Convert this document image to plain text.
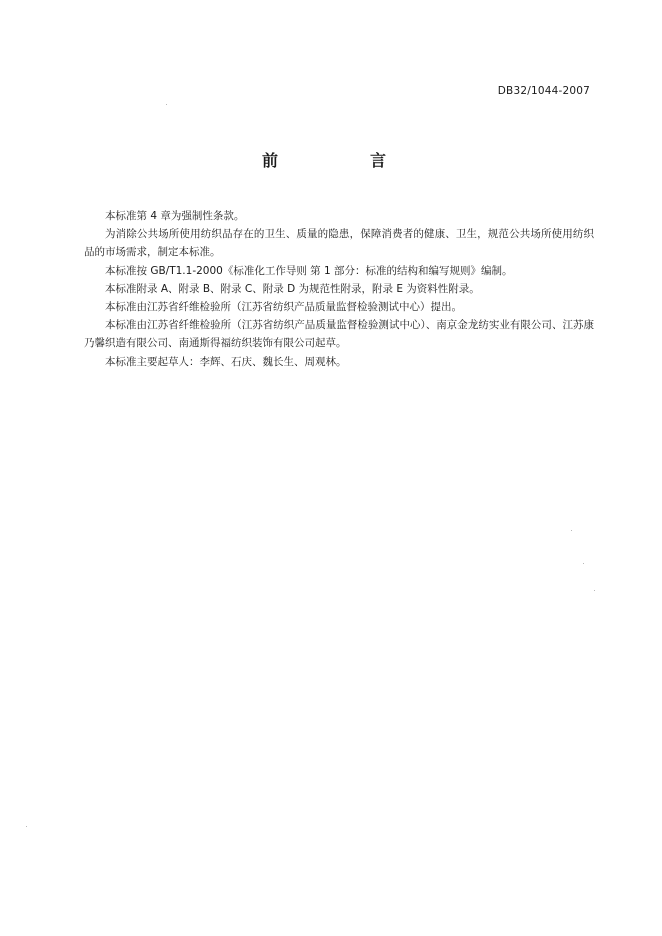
DB32/1044-2007
前　言

本标准第 4 章为强制性条款。

为消除公共场所使用纺织品存在的卫生、质量的隐患，保障消费者的健康、卫生，规范公共场所使用纺织品的市场需求，制定本标准。

本标准按 GB/T1.1-2000《标准化工作导则 第 1 部分：标准的结构和编写规则》编制。

本标准附录 A、附录 B、附录 C、附录 D 为规范性附录，附录 E 为资料性附录。

本标准由江苏省纤维检验所（江苏省纺织产品质量监督检验测试中心）提出。

本标准由江苏省纤维检验所（江苏省纺织产品质量监督检验测试中心）、南京金龙纺实业有限公司、江苏康乃馨织造有限公司、南通斯得福纺织装饰有限公司起草。

本标准主要起草人：李辉、石庆、魏长生、周观林。
